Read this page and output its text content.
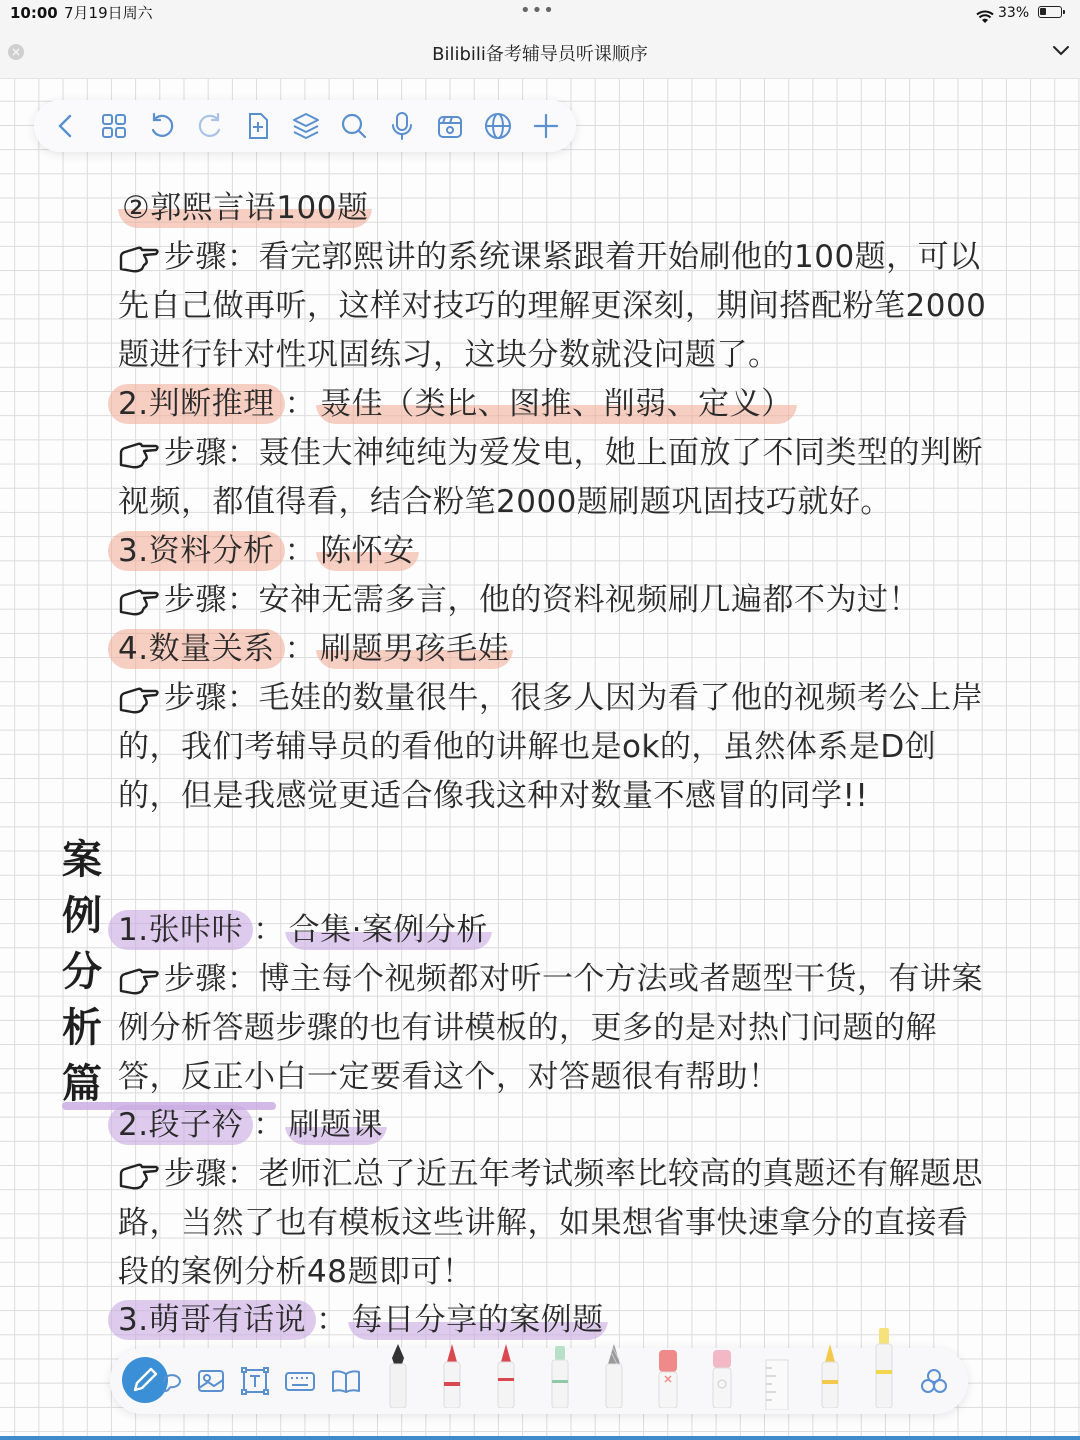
10:00 7月19日周六	•••	33%
×	Bilibili备考辅导员听课顺序
②郭熙言语100题
步骤：看完郭熙讲的系统课紧跟着开始刷他的100题，可以
先自己做再听，这样对技巧的理解更深刻，期间搭配粉笔2000
题进行针对性巩固练习，这块分数就没问题了。
2.判断推理 ： 聂佳（类比、图推、削弱、定义）
步骤：聂佳大神纯纯为爱发电，她上面放了不同类型的判断
视频，都值得看，结合粉笔2000题刷题巩固技巧就好。
3.资料分析 ： 陈怀安
步骤：安神无需多言，他的资料视频刷几遍都不为过！
4.数量关系 ： 刷题男孩毛娃
步骤：毛娃的数量很牛，很多人因为看了他的视频考公上岸
的，我们考辅导员的看他的讲解也是ok的，虽然体系是D创
的，但是我感觉更适合像我这种对数量不感冒的同学!!
案例分析篇
1.张咔咔 ： 合集·案例分析
步骤：博主每个视频都对听一个方法或者题型干货，有讲案
例分析答题步骤的也有讲模板的，更多的是对热门问题的解
答，反正小白一定要看这个，对答题很有帮助！
2.段子衿 ： 刷题课
步骤：老师汇总了近五年考试频率比较高的真题还有解题思
路，当然了也有模板这些讲解，如果想省事快速拿分的直接看
段的案例分析48题即可！
3.萌哥有话说 ： 每日分享的案例题
